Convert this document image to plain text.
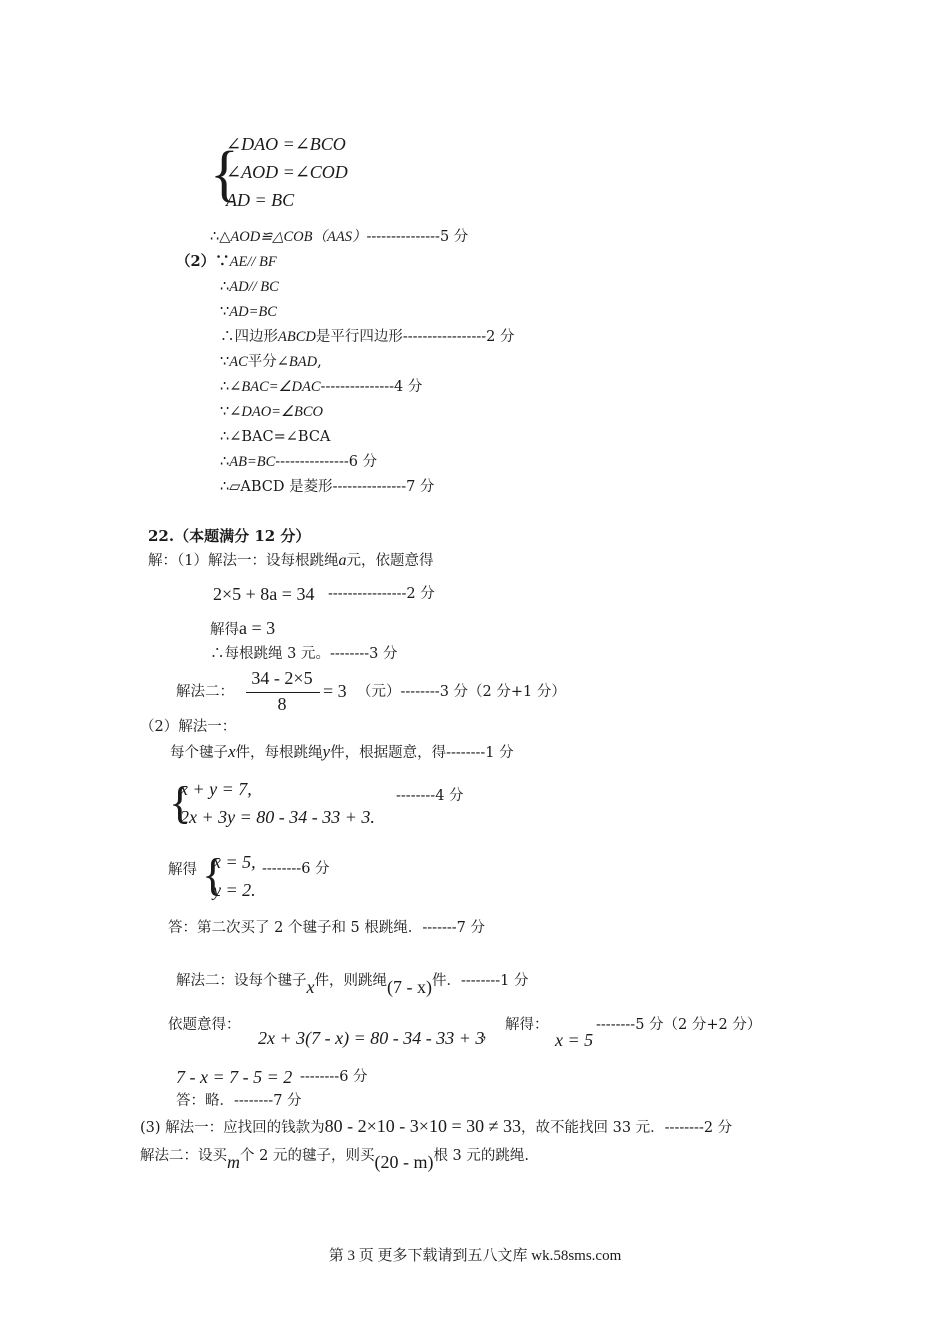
{
∠DAO =∠BCO
∠AOD =∠COD
AD = BC
∴△AOD≌△COB（AAS）---------------5 分
（2）∵AE// BF
∴AD// BC
∵AD=BC
∴四边形ABCD是平行四边形-----------------2 分
∵AC平分∠BAD,
∴∠BAC=∠DAC---------------4 分
∵∠DAO=∠BCO
∴∠BAC=∠BCA
∴AB=BC---------------6 分
∴▱ABCD 是菱形---------------7 分
22.（本题满分 12 分）
解：（1）解法一：设每根跳绳a元，依题意得
2×5 + 8a = 34 ----------------2 分
解得a = 3
∴每根跳绳 3 元。--------3 分
解法二：
34 - 2×5
8
= 3 （元）--------3 分（2 分+1 分）
（2）解法一：
每个毽子x件，每根跳绳y件，根据题意，得--------1 分
{
x + y = 7,
2x + 3y = 80 - 34 - 33 + 3.
--------4 分
解得 {
x = 5,
y = 2.
--------6 分
答：第二次买了 2 个毽子和 5 根跳绳．-------7 分
解法二：设每个毽子x件，则跳绳(7 - x)件．--------1 分
依题意得：
2x + 3(7 - x) = 80 - 34 - 33 + 3
，
解得：
x = 5
--------5 分（2 分+2 分）
7 - x = 7 - 5 = 2 --------6 分
答：略．--------7 分
(3) 解法一：应找回的钱款为80 - 2×10 - 3×10 = 30 ≠ 33，故不能找回 33 元．--------2 分
解法二：设买m个 2 元的毽子，则买(20 - m)根 3 元的跳绳.
第 3 页 更多下载请到五八文库 wk.58sms.com
